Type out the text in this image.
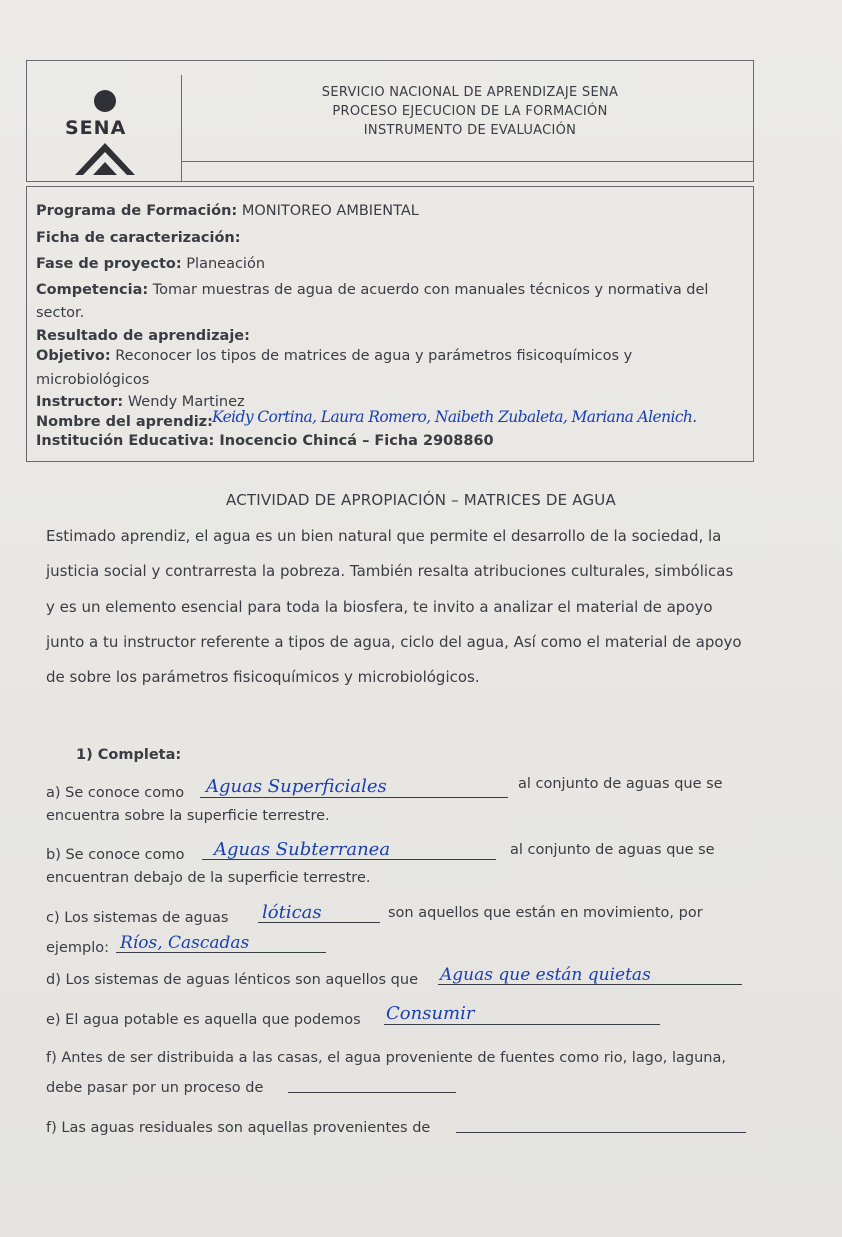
SENA
SERVICIO NACIONAL DE APRENDIZAJE SENA
PROCESO EJECUCION DE LA FORMACIÓN
INSTRUMENTO DE EVALUACIÓN
Programa de Formación: MONITOREO AMBIENTAL
Ficha de caracterización:
Fase de proyecto: Planeación
Competencia: Tomar muestras de agua de acuerdo con manuales técnicos y normativa del
sector.
Resultado de aprendizaje:
Objetivo: Reconocer los tipos de matrices de agua y parámetros fisicoquímicos y
microbiológicos
Instructor: Wendy Martinez
Nombre del aprendiz: Keidy Cortina, Laura Romero, Naibeth Zubaleta, Mariana Alenich.
Institución Educativa: Inocencio Chincá – Ficha 2908860
ACTIVIDAD DE APROPIACIÓN – MATRICES DE AGUA
Estimado aprendiz, el agua es un bien natural que permite el desarrollo de la sociedad, la
justicia social y contrarresta la pobreza. También resalta atribuciones culturales, simbólicas
y es un elemento esencial para toda la biosfera, te invito a analizar el material de apoyo
junto a tu instructor referente a tipos de agua, ciclo del agua, Así como el material de apoyo
de sobre los parámetros fisicoquímicos y microbiológicos.
1) Completa:
a) Se conoce como Aguas Superficiales	al conjunto de aguas que se
encuentra sobre la superficie terrestre.
b) Se conoce como Aguas Subterranea	al conjunto de aguas que se
encuentran debajo de la superficie terrestre.
c) Los sistemas de aguas lóticas	son aquellos que están en movimiento, por
ejemplo: Ríos, Cascadas
d) Los sistemas de aguas lénticos son aquellos que Aguas que están quietas
e) El agua potable es aquella que podemos Consumir
f) Antes de ser distribuida a las casas, el agua proveniente de fuentes como rio, lago, laguna,
debe pasar por un proceso de
f) Las aguas residuales son aquellas provenientes de
